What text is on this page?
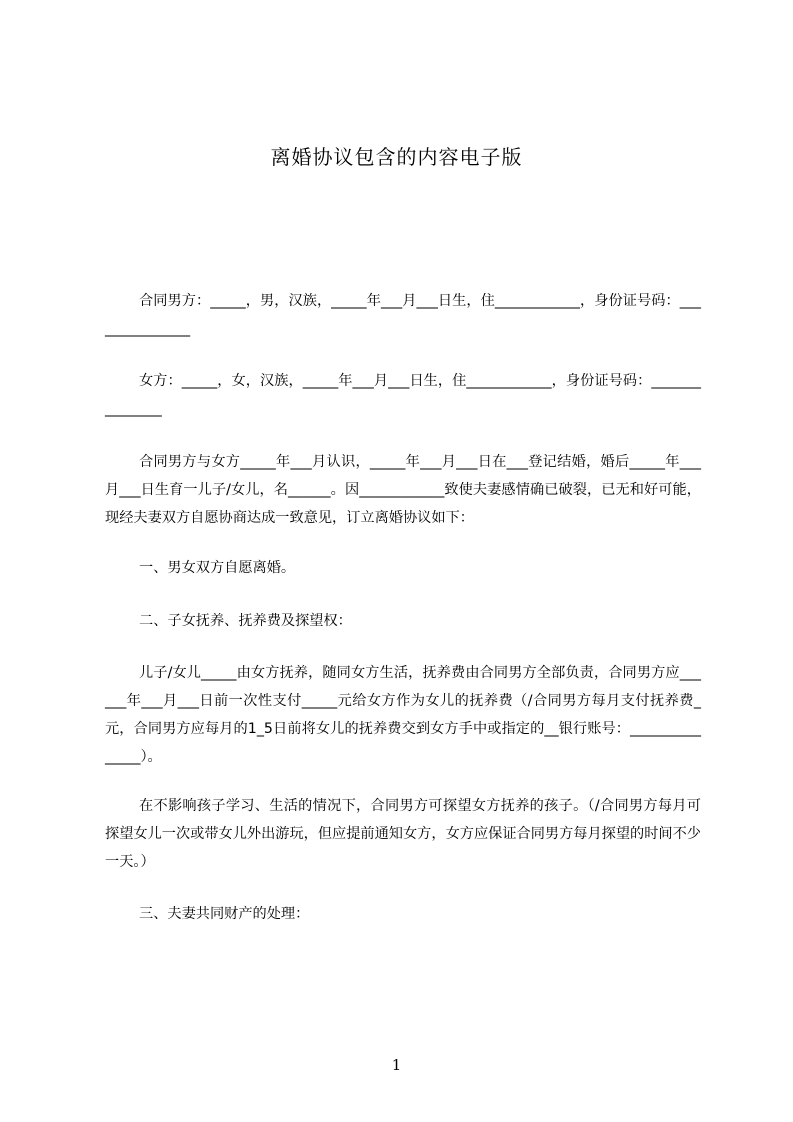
离婚协议包含的内容电子版

合同男方：_____，男，汉族，_____年___月___日生，住____________，身份证号码：_______________

女方：_____，女，汉族，_____年___月___日生，住____________，身份证号码：_______________

合同男方与女方_____年___月认识，_____年___月___日在___登记结婚，婚后_____年___月___日生育一儿子/女儿，名______。因____________致使夫妻感情确已破裂，已无和好可能，现经夫妻双方自愿协商达成一致意见，订立离婚协议如下：

一、男女双方自愿离婚。

二、子女抚养、抚养费及探望权：

儿子/女儿_____由女方抚养，随同女方生活，抚养费由合同男方全部负责，合同男方应______年___月___日前一次性支付_____元给女方作为女儿的抚养费（/合同男方每月支付抚养费_元，合同男方应每月的1_5日前将女儿的抚养费交到女方手中或指定的__银行账号：_______________）。

在不影响孩子学习、生活的情况下，合同男方可探望女方抚养的孩子。（/合同男方每月可探望女儿一次或带女儿外出游玩，但应提前通知女方，女方应保证合同男方每月探望的时间不少一天。）

三、夫妻共同财产的处理：

1
